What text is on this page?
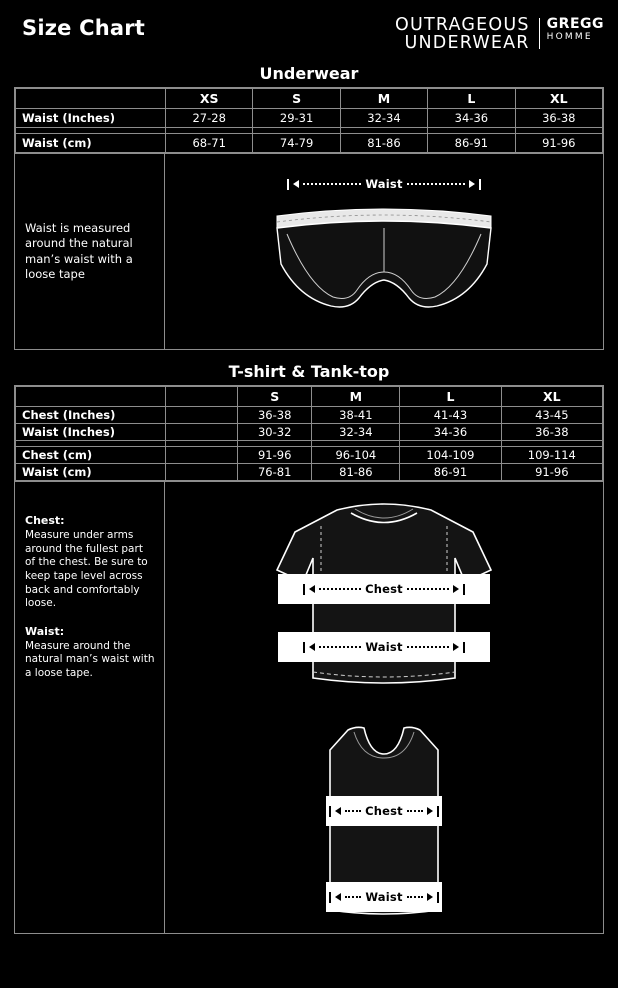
Size Chart	OUTRAGEOUS
UNDERWEAR
GREGG
HOMME
Underwear
	XS	S	M	L	XL
Waist (Inches)	27-28	29-31	32-34	34-36	36-38

Waist (cm)	68-71	74-79	81-86	86-91	91-96
Waist is measured around the natural man’s waist with a loose tape
Waist
T-shirt & Tank-top
		S	M	L	XL
Chest (Inches)		36-38	38-41	41-43	43-45
Waist (Inches)		30-32	32-34	34-36	36-38

Chest (cm)		91-96	96-104	104-109	109-114
Waist (cm)		76-81	81-86	86-91	91-96
Chest:
Measure under arms around the fullest part of the chest. Be sure to keep tape level across back and comfortably loose.
Waist:
Measure around the natural man’s waist with a loose tape.
Chest
Waist
Chest
Waist
